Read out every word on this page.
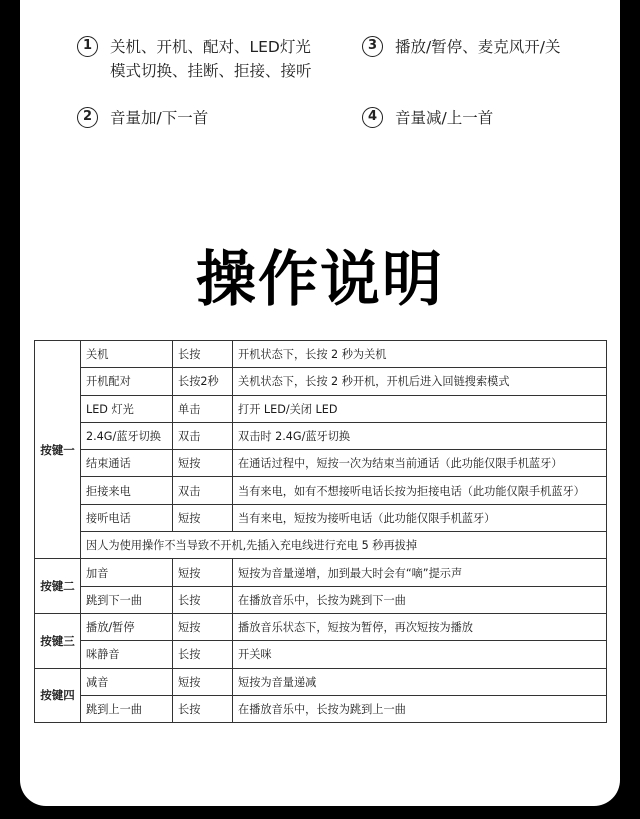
1	关机、开机、配对、LED灯光
模式切换、挂断、拒接、接听
2	音量加/下一首
3	播放/暂停、麦克风开/关
4	音量减/上一首
操作说明
按键一	关机	长按	开机状态下，长按 2 秒为关机
	开机配对	长按2秒	关机状态下，长按 2 秒开机，开机后进入回链搜索模式
	LED 灯光	单击	打开 LED/关闭 LED
	2.4G/蓝牙切换	双击	双击时 2.4G/蓝牙切换
	结束通话	短按	在通话过程中，短按一次为结束当前通话（此功能仅限手机蓝牙）
	拒接来电	双击	当有来电，如有不想接听电话长按为拒接电话（此功能仅限手机蓝牙）
	接听电话	短按	当有来电，短按为接听电话（此功能仅限手机蓝牙）
	因人为使用操作不当导致不开机,先插入充电线进行充电 5 秒再拔掉		
按键二	加音	短按	短按为音量递增，加到最大时会有“嘀”提示声
	跳到下一曲	长按	在播放音乐中，长按为跳到下一曲
按键三	播放/暂停	短按	播放音乐状态下，短按为暂停，再次短按为播放
	咪静音	长按	开关咪
按键四	减音	短按	短按为音量递减
	跳到上一曲	长按	在播放音乐中，长按为跳到上一曲
